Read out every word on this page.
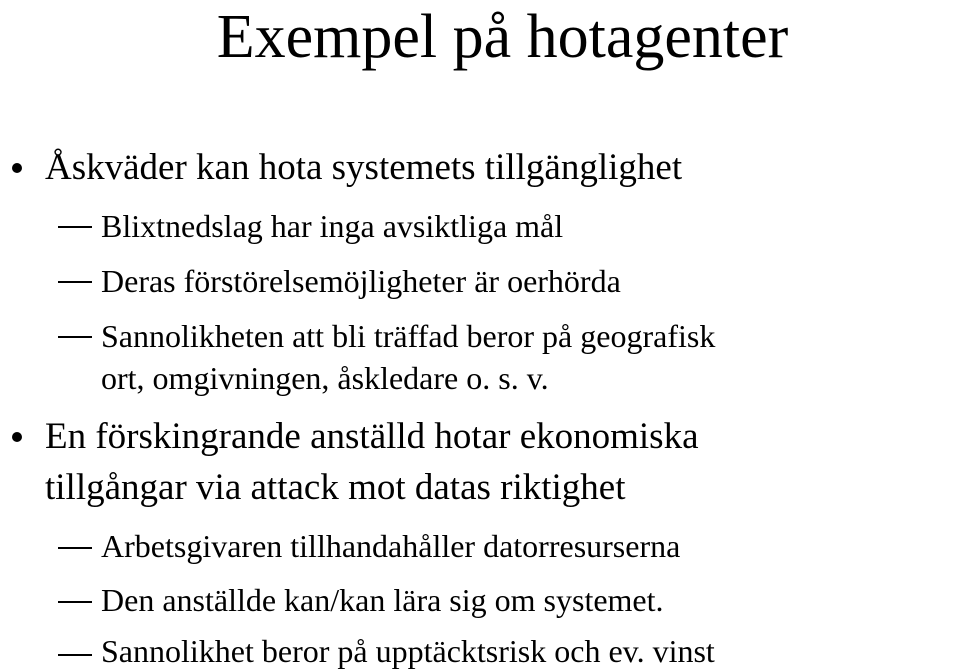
Exempel på hotagenter
Åskväder kan hota systemets tillgänglighet
Blixtnedslag har inga avsiktliga mål
Deras förstörelsemöjligheter är oerhörda
Sannolikheten att bli träffad beror på geografisk
ort, omgivningen, åskledare o. s. v.
En förskingrande anställd hotar ekonomiska
tillgångar via attack mot datas riktighet
Arbetsgivaren tillhandahåller datorresurserna
Den anställde kan/kan lära sig om systemet.
Sannolikhet beror på upptäcktsrisk och ev. vinst
